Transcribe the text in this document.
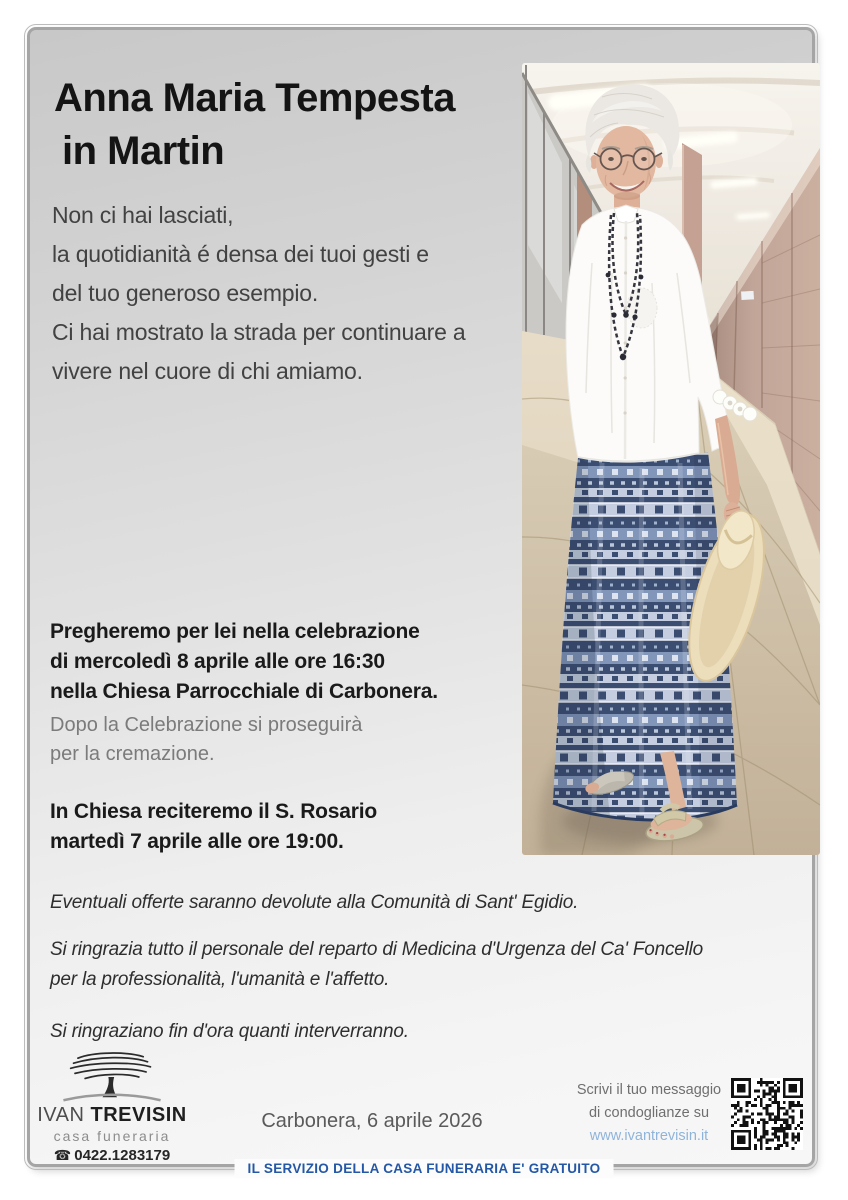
Anna Maria Tempesta
in Martin
Non ci hai lasciati,
la quotidianità é densa dei tuoi gesti e
del tuo generoso esempio.
Ci hai mostrato la strada per continuare a
vivere nel cuore di chi amiamo.
Pregheremo per lei nella celebrazione
di mercoledì 8 aprile alle ore 16:30
nella Chiesa Parrocchiale di Carbonera.
Dopo la Celebrazione si proseguirà
per la cremazione.
In Chiesa reciteremo il S. Rosario
martedì 7 aprile alle ore 19:00.

Eventuali offerte saranno devolute alla Comunità di Sant' Egidio.

Si ringrazia tutto il personale del reparto di Medicina d'Urgenza del Ca' Foncello
per la professionalità, l'umanità e l'affetto.

Si ringraziano fin d'ora quanti interverranno.

IVAN TREVISIN
casa funeraria
☎ 0422.1283179
Carbonera, 6 aprile 2026
Scrivi il tuo messaggio
di condoglianze su
www.ivantrevisin.it
IL SERVIZIO DELLA CASA FUNERARIA E' GRATUITO
